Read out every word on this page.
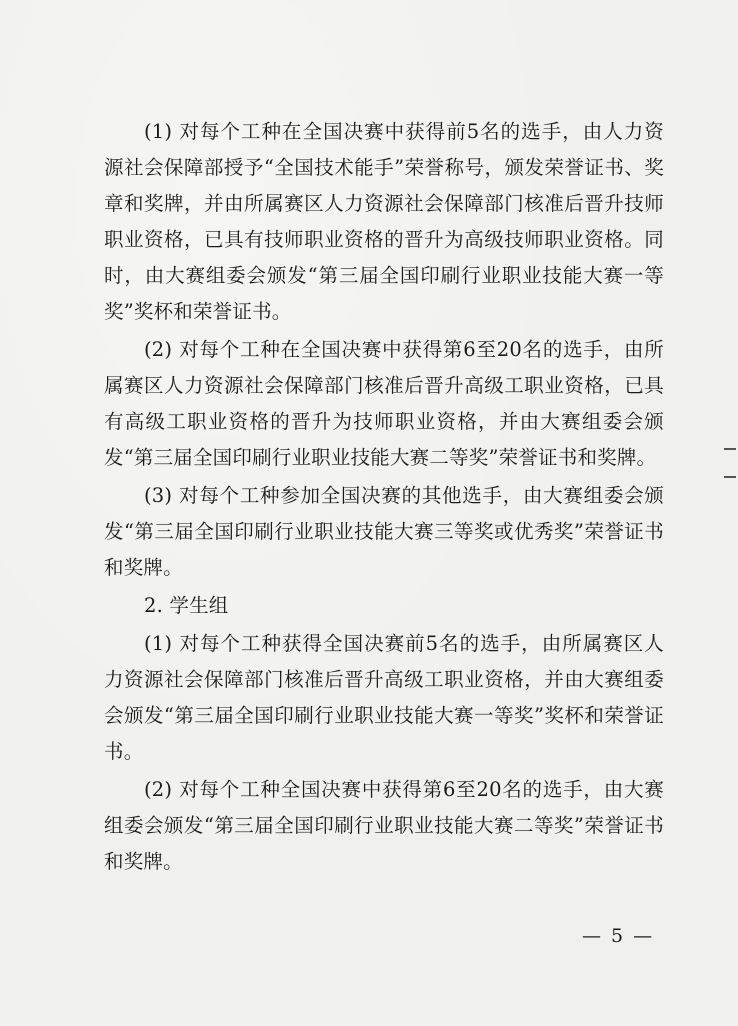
(1) 对每个工种在全国决赛中获得前5名的选手，由人力资源社会保障部授予“全国技术能手”荣誉称号，颁发荣誉证书、奖章和奖牌，并由所属赛区人力资源社会保障部门核准后晋升技师职业资格，已具有技师职业资格的晋升为高级技师职业资格。同时，由大赛组委会颁发“第三届全国印刷行业职业技能大赛一等奖”奖杯和荣誉证书。

(2) 对每个工种在全国决赛中获得第6至20名的选手，由所属赛区人力资源社会保障部门核准后晋升高级工职业资格，已具有高级工职业资格的晋升为技师职业资格，并由大赛组委会颁发“第三届全国印刷行业职业技能大赛二等奖”荣誉证书和奖牌。

(3) 对每个工种参加全国决赛的其他选手，由大赛组委会颁发“第三届全国印刷行业职业技能大赛三等奖或优秀奖”荣誉证书和奖牌。

2. 学生组

(1) 对每个工种获得全国决赛前5名的选手，由所属赛区人力资源社会保障部门核准后晋升高级工职业资格，并由大赛组委会颁发“第三届全国印刷行业职业技能大赛一等奖”奖杯和荣誉证书。

(2) 对每个工种全国决赛中获得第6至20名的选手，由大赛组委会颁发“第三届全国印刷行业职业技能大赛二等奖”荣誉证书和奖牌。

— 5 —
